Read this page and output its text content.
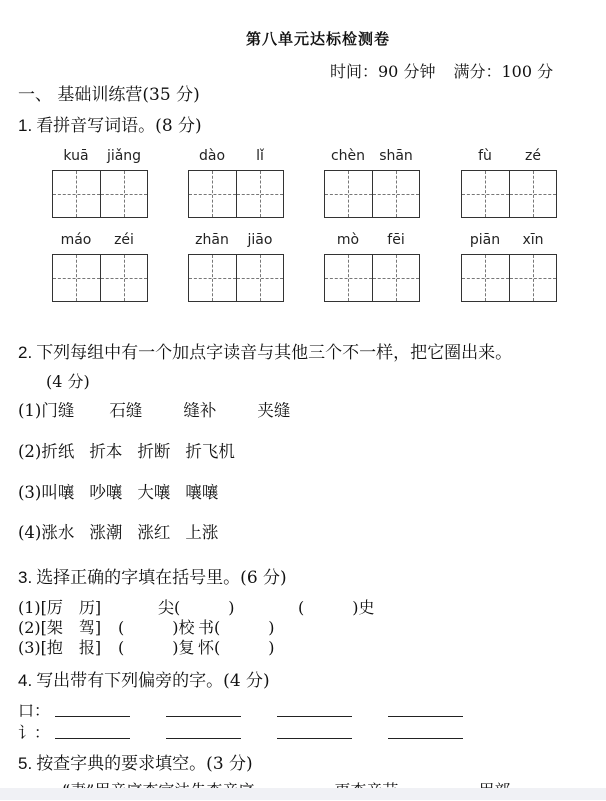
第八单元达标检测卷
时间：90 分钟 满分：100 分
一、 基础训练营(35 分)
1. 看拼音写词语。(8 分)
kuā	jiǎng	dào	lǐ	chèn	shān	fù	zé
máo	zéi	zhān	jiāo	mò	fēi	piān	xīn
2. 下列每组中有一个加点字读音与其他三个不一样，把它圈出来。
(4 分)
(1)门缝 石缝 缝补 夹缝
(2)折纸 折本 折断 折飞机
(3)叫嚷 吵嚷 大嚷 嚷嚷
(4)涨水 涨潮 涨红 上涨
3. 选择正确的字填在括号里。(6 分)
(1)[厉　历]	尖(　　　)	(　　　)史
(2)[架　驾] (　　　)校 书(　　　)
(3)[抱　报] (　　　)复 怀(　　　)
4. 写出带有下列偏旁的字。(4 分)
口：
讠：
5. 按查字典的要求填空。(3 分)
